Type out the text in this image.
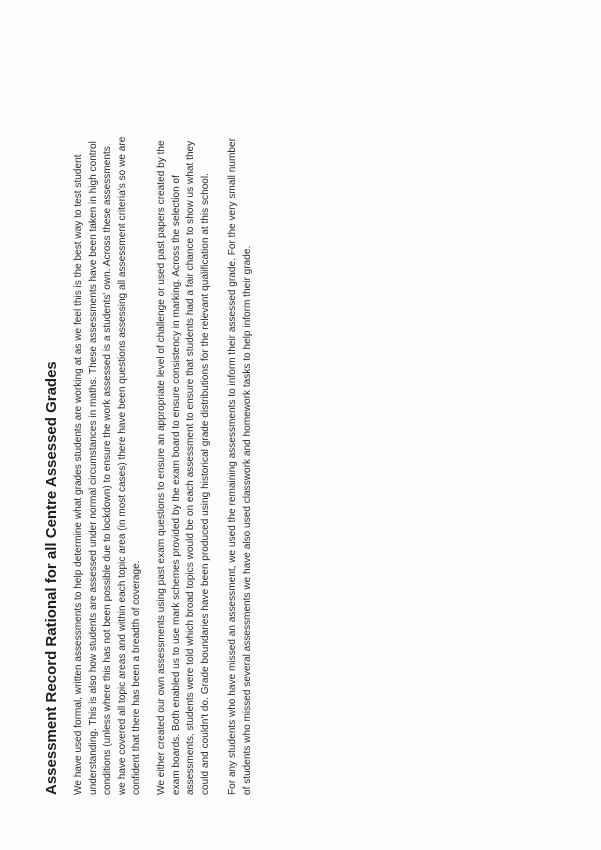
Assessment Record Rational for all Centre Assessed Grades We have used formal, written assessments to help determine what grades students are working at as we feel this is the best way to test student understanding. This is also how students are assessed under normal circumstances in maths. These assessments have been taken in high control conditions (unless where this has not been possible due to lockdown) to ensure the work assessed is a students' own. Across these assessments we have covered all topic areas and within each topic area (in most cases) there have been questions assessing all assessment criteria's so we are confident that there has been a breadth of coverage. We either created our own assessments using past exam questions to ensure an appropriate level of challenge or used past papers created by the exam boards. Both enabled us to use mark schemes provided by the exam board to ensure consistency in marking. Across the selection of assessments, students were told which broad topics would be on each assessment to ensure that students had a fair chance to show us what they could and couldn't do. Grade boundaries have been produced using historical grade distributions for the relevant qualification at this school. For any students who have missed an assessment, we used the remaining assessments to inform their assessed grade. For the very small number of students who missed several assessments we have also used classwork and homework tasks to help inform their grade.
